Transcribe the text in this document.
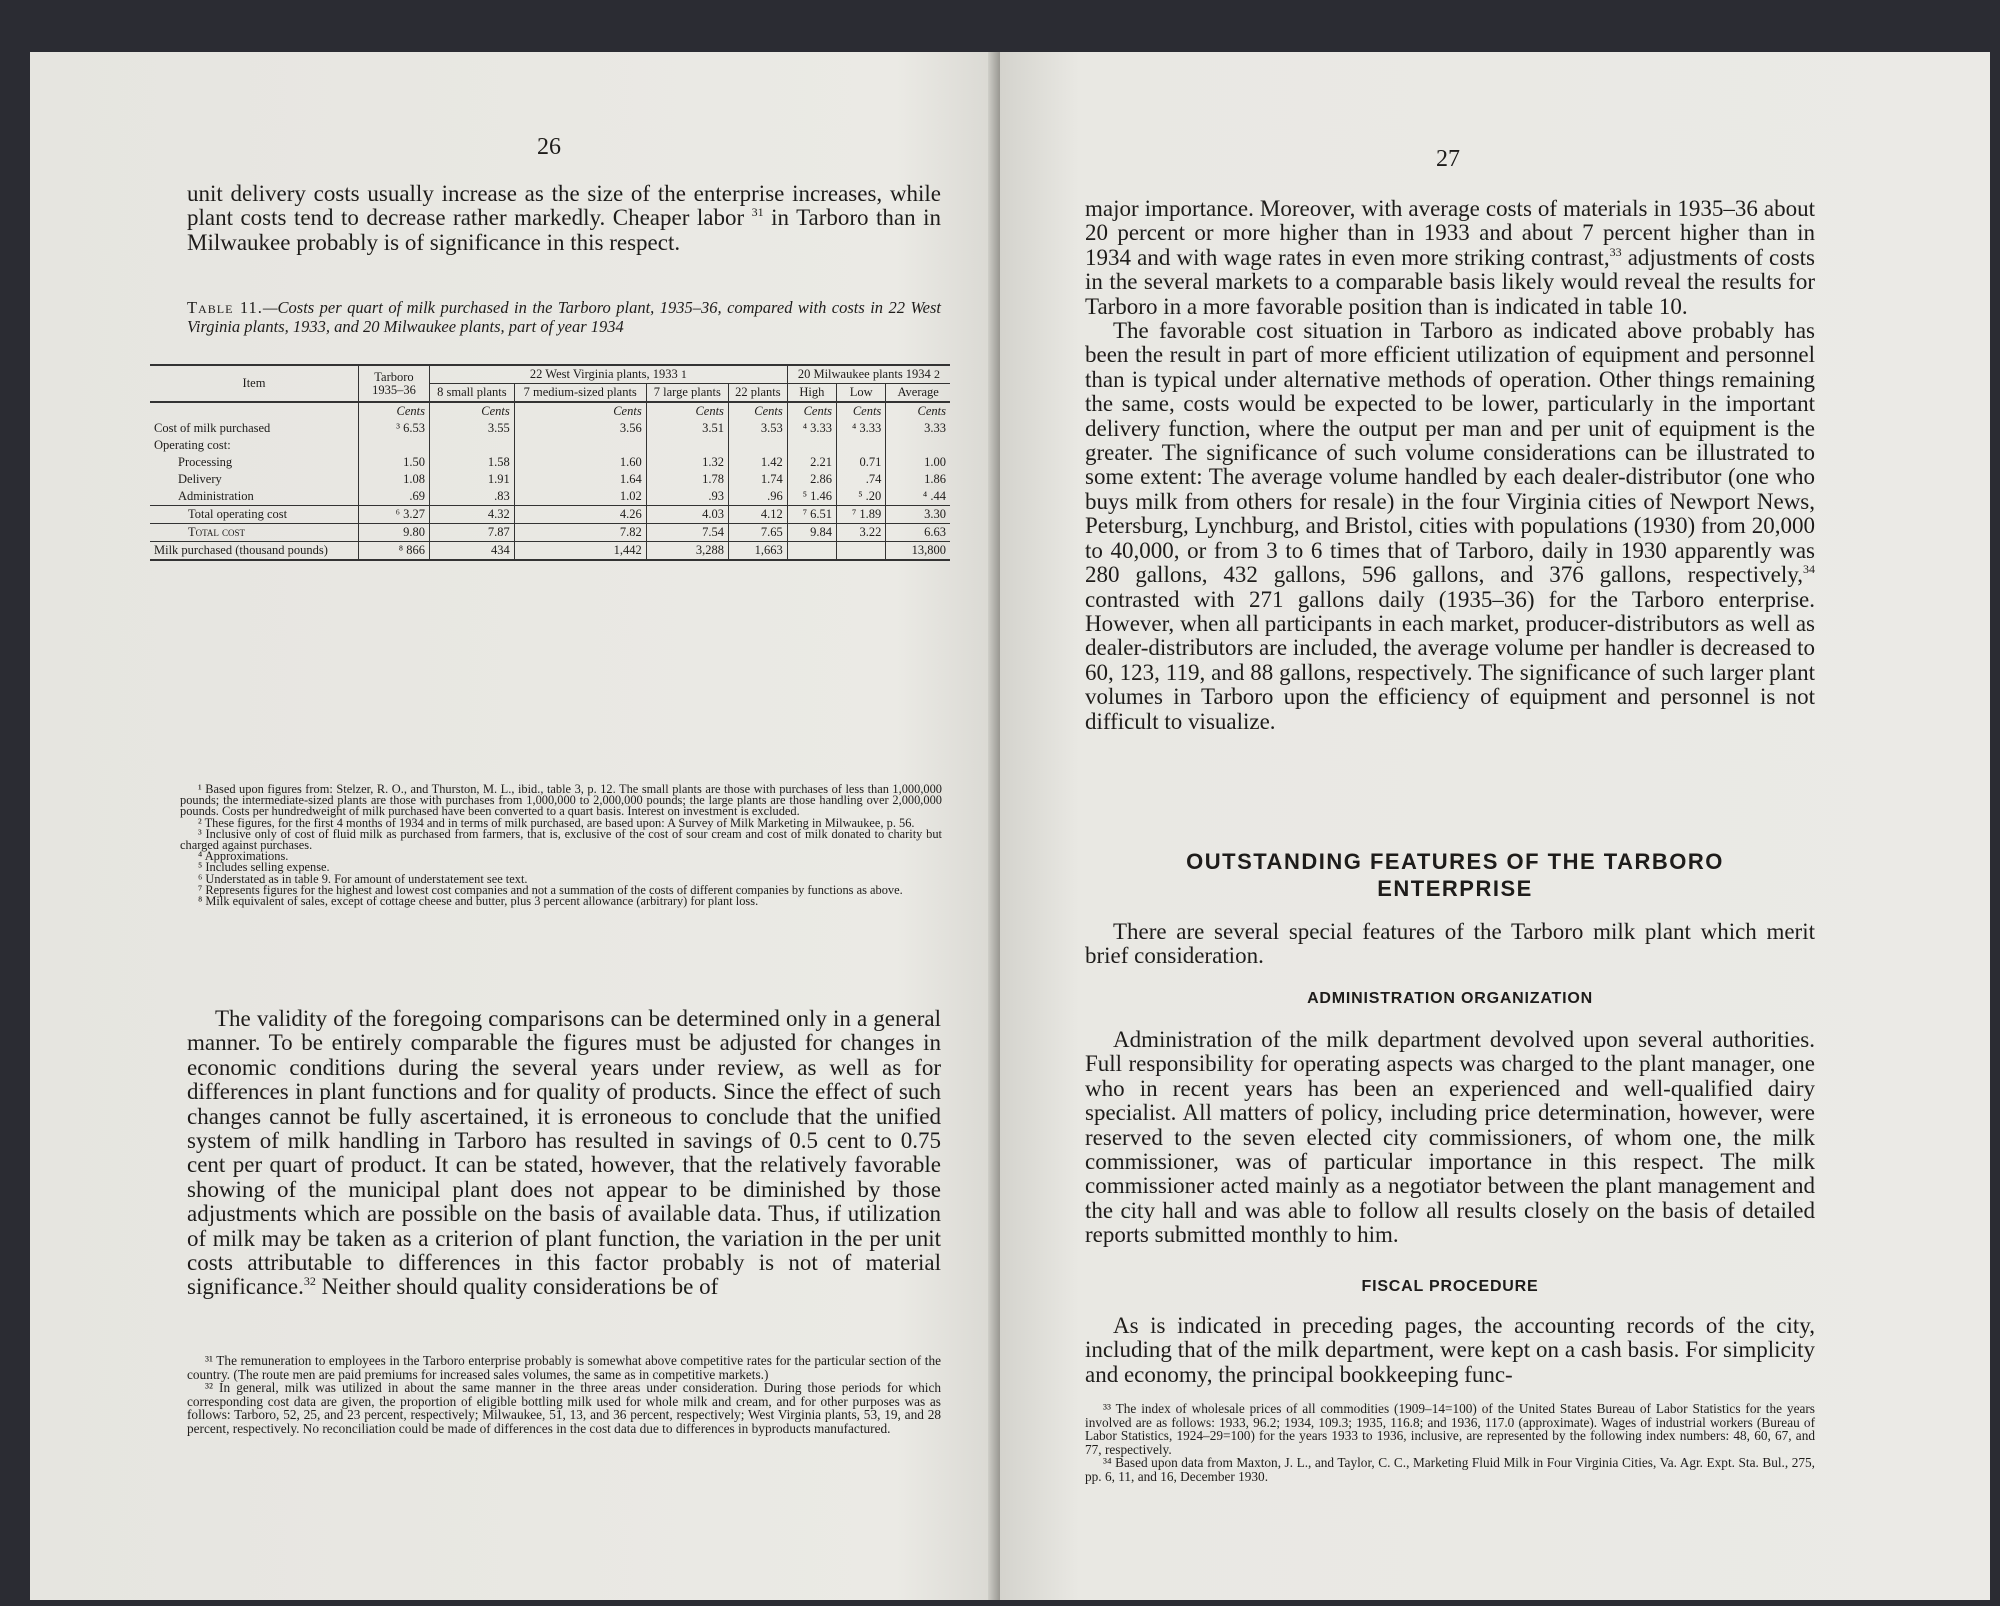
26

unit delivery costs usually increase as the size of the enterprise increases, while plant costs tend to decrease rather markedly. Cheaper labor $^{31}$ in Tarboro than in Milwaukee probably is of significance in this respect.

Table 11.—Costs per quart of milk purchased in the Tarboro plant, 1935–36, compared with costs in 22 West Virginia plants, 1933, and 20 Milwaukee plants, part of year 1934
Item	Tarboro 1935–36	22 West Virginia plants, 1933 $^1$				20 Milwaukee plants 1934 $^2$
		8 small plants	7 medium-sized plants	7 large plants	22 plants	High	Low	Average
	Cents	Cents	Cents	Cents	Cents	Cents	Cents	Cents
Cost of milk purchased	³ 6.53	3.55	3.56	3.51	3.53	⁴ 3.33	⁴ 3.33	3.33
Operating cost:								
Processing	1.50	1.58	1.60	1.32	1.42	2.21	0.71	1.00
Delivery	1.08	1.91	1.64	1.78	1.74	2.86	.74	1.86
Administration	.69	.83	1.02	.93	.96	⁵ 1.46	⁵ .20	⁴ .44
Total operating cost	⁶ 3.27	4.32	4.26	4.03	4.12	⁷ 6.51	⁷ 1.89	3.30
Total cost	9.80	7.87	7.82	7.54	7.65	9.84	3.22	6.63
Milk purchased (thousand pounds)	⁸ 866	434	1,442	3,288	1,663			13,800

¹ Based upon figures from: Stelzer, R. O., and Thurston, M. L., ibid., table 3, p. 12. The small plants are those with purchases of less than 1,000,000 pounds; the intermediate-sized plants are those with purchases from 1,000,000 to 2,000,000 pounds; the large plants are those handling over 2,000,000 pounds. Costs per hundredweight of milk purchased have been converted to a quart basis. Interest on investment is excluded.

² These figures, for the first 4 months of 1934 and in terms of milk purchased, are based upon: A Survey of Milk Marketing in Milwaukee, p. 56.

³ Inclusive only of cost of fluid milk as purchased from farmers, that is, exclusive of the cost of sour cream and cost of milk donated to charity but charged against purchases.

⁴ Approximations.

⁵ Includes selling expense.

⁶ Understated as in table 9. For amount of understatement see text.

⁷ Represents figures for the highest and lowest cost companies and not a summation of the costs of different companies by functions as above.

⁸ Milk equivalent of sales, except of cottage cheese and butter, plus 3 percent allowance (arbitrary) for plant loss.

The validity of the foregoing comparisons can be determined only in a general manner. To be entirely comparable the figures must be adjusted for changes in economic conditions during the several years under review, as well as for differences in plant functions and for quality of products. Since the effect of such changes cannot be fully ascertained, it is erroneous to conclude that the unified system of milk handling in Tarboro has resulted in savings of 0.5 cent to 0.75 cent per quart of product. It can be stated, however, that the relatively favorable showing of the municipal plant does not appear to be diminished by those adjustments which are possible on the basis of available data. Thus, if utilization of milk may be taken as a criterion of plant function, the variation in the per unit costs attributable to differences in this factor probably is not of material significance.$^{32}$ Neither should quality considerations be of

³¹ The remuneration to employees in the Tarboro enterprise probably is somewhat above competitive rates for the particular section of the country. (The route men are paid premiums for increased sales volumes, the same as in competitive markets.)

³² In general, milk was utilized in about the same manner in the three areas under consideration. During those periods for which corresponding cost data are given, the proportion of eligible bottling milk used for whole milk and cream, and for other purposes was as follows: Tarboro, 52, 25, and 23 percent, respectively; Milwaukee, 51, 13, and 36 percent, respectively; West Virginia plants, 53, 19, and 28 percent, respectively. No reconciliation could be made of differences in the cost data due to differences in byproducts manufactured.

27

major importance. Moreover, with average costs of materials in 1935–36 about 20 percent or more higher than in 1933 and about 7 percent higher than in 1934 and with wage rates in even more striking contrast,$^{33}$ adjustments of costs in the several markets to a comparable basis likely would reveal the results for Tarboro in a more favorable position than is indicated in table 10.

The favorable cost situation in Tarboro as indicated above probably has been the result in part of more efficient utilization of equipment and personnel than is typical under alternative methods of operation. Other things remaining the same, costs would be expected to be lower, particularly in the important delivery function, where the output per man and per unit of equipment is the greater. The significance of such volume considerations can be illustrated to some extent: The average volume handled by each dealer-distributor (one who buys milk from others for resale) in the four Virginia cities of Newport News, Petersburg, Lynchburg, and Bristol, cities with populations (1930) from 20,000 to 40,000, or from 3 to 6 times that of Tarboro, daily in 1930 apparently was 280 gallons, 432 gallons, 596 gallons, and 376 gallons, respectively,$^{34}$ contrasted with 271 gallons daily (1935–36) for the Tarboro enterprise. However, when all participants in each market, producer-distributors as well as dealer-distributors are included, the average volume per handler is decreased to 60, 123, 119, and 88 gallons, respectively. The significance of such larger plant volumes in Tarboro upon the efficiency of equipment and personnel is not difficult to visualize.

OUTSTANDING FEATURES OF THE TARBORO ENTERPRISE

There are several special features of the Tarboro milk plant which merit brief consideration.

ADMINISTRATION ORGANIZATION

Administration of the milk department devolved upon several authorities. Full responsibility for operating aspects was charged to the plant manager, one who in recent years has been an experienced and well-qualified dairy specialist. All matters of policy, including price determination, however, were reserved to the seven elected city commissioners, of whom one, the milk commissioner, was of particular importance in this respect. The milk commissioner acted mainly as a negotiator between the plant management and the city hall and was able to follow all results closely on the basis of detailed reports submitted monthly to him.

FISCAL PROCEDURE

As is indicated in preceding pages, the accounting records of the city, including that of the milk department, were kept on a cash basis. For simplicity and economy, the principal bookkeeping func-

³³ The index of wholesale prices of all commodities (1909–14=100) of the United States Bureau of Labor Statistics for the years involved are as follows: 1933, 96.2; 1934, 109.3; 1935, 116.8; and 1936, 117.0 (approximate). Wages of industrial workers (Bureau of Labor Statistics, 1924–29=100) for the years 1933 to 1936, inclusive, are represented by the following index numbers: 48, 60, 67, and 77, respectively.

³⁴ Based upon data from Maxton, J. L., and Taylor, C. C., Marketing Fluid Milk in Four Virginia Cities, Va. Agr. Expt. Sta. Bul., 275, pp. 6, 11, and 16, December 1930.
